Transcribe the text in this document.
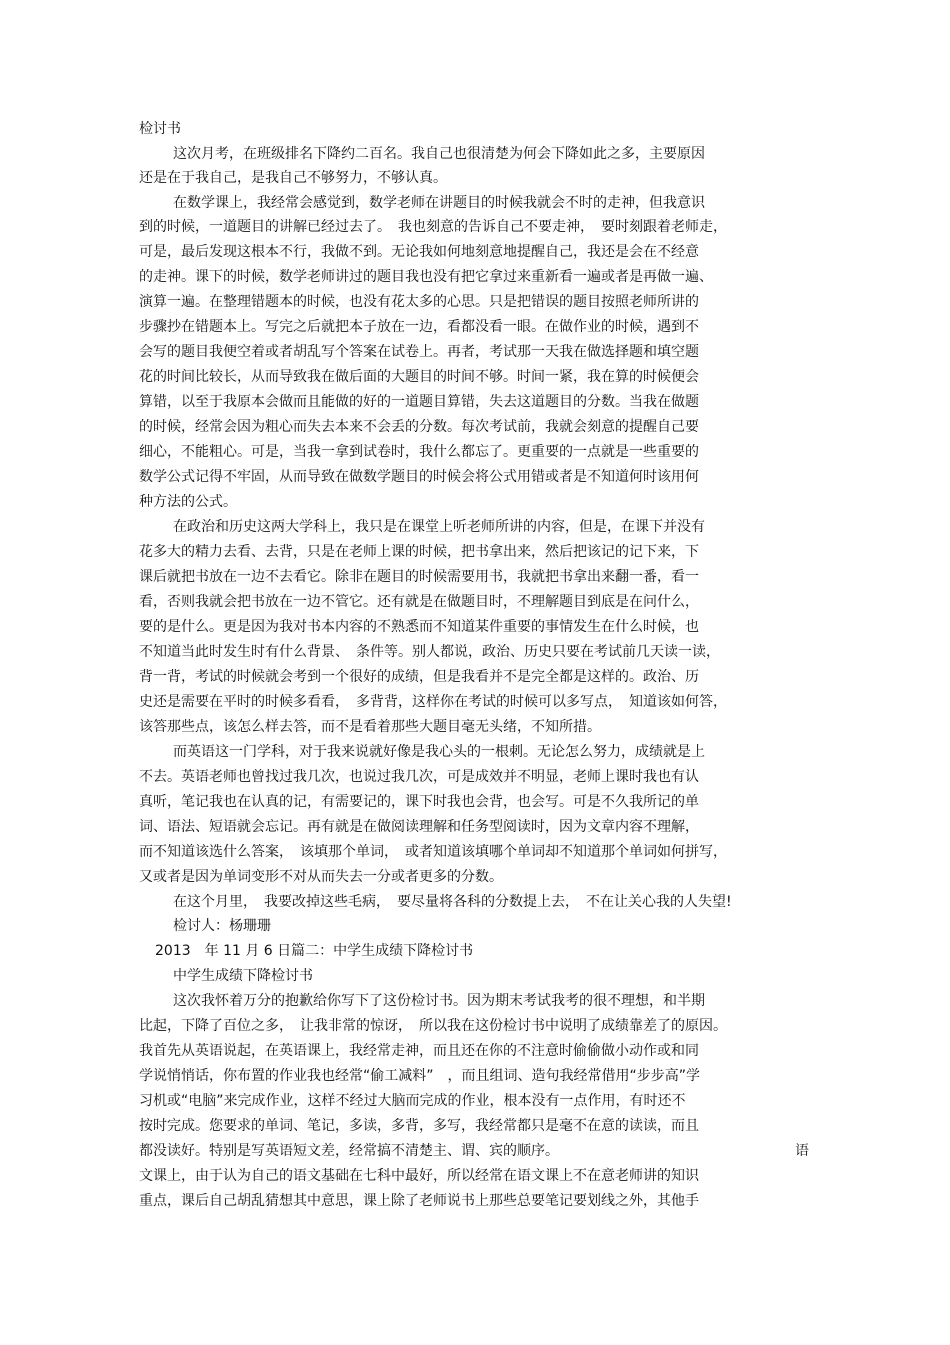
检讨书
这次月考，在班级排名下降约二百名。我自己也很清楚为何会下降如此之多，主要原因
还是在于我自己，是我自己不够努力，不够认真。
在数学课上，我经常会感觉到，数学老师在讲题目的时候我就会不时的走神，但我意识
到的时候，一道题目的讲解已经过去了。　我也刻意的告诉自己不要走神，　要时刻跟着老师走，
可是，最后发现这根本不行，我做不到。无论我如何地刻意地提醒自己，我还是会在不经意
的走神。课下的时候，数学老师讲过的题目我也没有把它拿过来重新看一遍或者是再做一遍、
演算一遍。在整理错题本的时候，也没有花太多的心思。只是把错误的题目按照老师所讲的
步骤抄在错题本上。写完之后就把本子放在一边，看都没看一眼。在做作业的时候，遇到不
会写的题目我便空着或者胡乱写个答案在试卷上。再者，考试那一天我在做选择题和填空题
花的时间比较长，从而导致我在做后面的大题目的时间不够。时间一紧，我在算的时候便会
算错，以至于我原本会做而且能做的好的一道题目算错，失去这道题目的分数。当我在做题
的时候，经常会因为粗心而失去本来不会丢的分数。每次考试前，我就会刻意的提醒自己要
细心，不能粗心。可是，当我一拿到试卷时，我什么都忘了。更重要的一点就是一些重要的
数学公式记得不牢固，从而导致在做数学题目的时候会将公式用错或者是不知道何时该用何
种方法的公式。
在政治和历史这两大学科上，我只是在课堂上听老师所讲的内容，但是，在课下并没有
花多大的精力去看、去背，只是在老师上课的时候，把书拿出来，然后把该记的记下来，下
课后就把书放在一边不去看它。除非在题目的时候需要用书，我就把书拿出来翻一番，看一
看，否则我就会把书放在一边不管它。还有就是在做题目时，不理解题目到底是在问什么，
要的是什么。更是因为我对书本内容的不熟悉而不知道某件重要的事情发生在什么时候，也
不知道当此时发生时有什么背景、　条件等。别人都说，政治、历史只要在考试前几天读一读，
背一背，考试的时候就会考到一个很好的成绩，但是我看并不是完全都是这样的。政治、历
史还是需要在平时的时候多看看，　多背背，这样你在考试的时候可以多写点，　知道该如何答，
该答那些点，该怎么样去答，而不是看着那些大题目毫无头绪，不知所措。
而英语这一门学科，对于我来说就好像是我心头的一根刺。无论怎么努力，成绩就是上
不去。英语老师也曾找过我几次，也说过我几次，可是成效并不明显，老师上课时我也有认
真听，笔记我也在认真的记，有需要记的，课下时我也会背，也会写。可是不久我所记的单
词、语法、短语就会忘记。再有就是在做阅读理解和任务型阅读时，因为文章内容不理解，
而不知道该选什么答案，　该填那个单词，　或者知道该填哪个单词却不知道那个单词如何拼写，
又或者是因为单词变形不对从而失去一分或者更多的分数。
在这个月里，　我要改掉这些毛病，　要尽量将各科的分数提上去，　不在让关心我的人失望!
检讨人：杨珊珊
2013　年 11 月 6 日篇二：中学生成绩下降检讨书
中学生成绩下降检讨书
这次我怀着万分的抱歉给你写下了这份检讨书。因为期末考试我考的很不理想，和半期
比起，下降了百位之多，　让我非常的惊讶，　所以我在这份检讨书中说明了成绩靠差了的原因。
我首先从英语说起，在英语课上，我经常走神，而且还在你的不注意时偷偷做小动作或和同
学说悄悄话，你布置的作业我也经常“偷工减料”　，而且组词、造句我经常借用“步步高”学
习机或“电脑”来完成作业，这样不经过大脑而完成的作业，根本没有一点作用，有时还不
按时完成。您要求的单词、笔记，多读，多背，多写，我经常都只是毫不在意的读读，而且
都没读好。特别是写英语短文差，经常搞不清楚主、谓、宾的顺序。	语
文课上，由于认为自己的语文基础在七科中最好，所以经常在语文课上不在意老师讲的知识
重点，课后自己胡乱猜想其中意思，课上除了老师说书上那些总要笔记要划线之外，其他手
